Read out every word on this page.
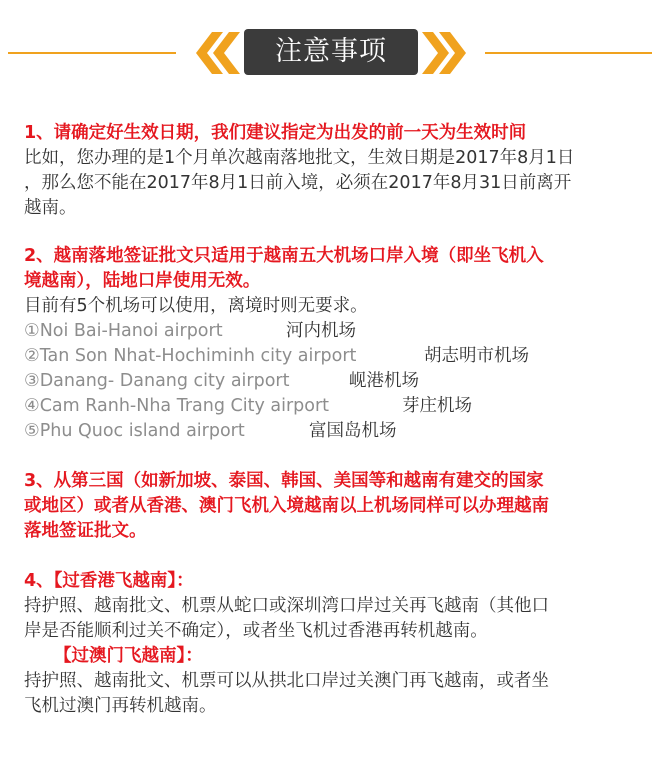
注意事项
1、请确定好生效日期，我们建议指定为出发的前一天为生效时间
比如，您办理的是1个月单次越南落地批文，生效日期是2017年8月1日
，那么您不能在2017年8月1日前入境，必须在2017年8月31日前离开
越南。
2、越南落地签证批文只适用于越南五大机场口岸入境（即坐飞机入
境越南），陆地口岸使用无效。
目前有5个机场可以使用，离境时则无要求。
①Noi Bai-Hanoi airport	河内机场
②Tan Son Nhat-Hochiminh city airport	胡志明市机场
③Danang- Danang city airport	岘港机场
④Cam Ranh-Nha Trang City airport	芽庄机场
⑤Phu Quoc island airport	富国岛机场
3、从第三国（如新加坡、泰国、韩国、美国等和越南有建交的国家
或地区）或者从香港、澳门飞机入境越南以上机场同样可以办理越南
落地签证批文。
4、【过香港飞越南】：
持护照、越南批文、机票从蛇口或深圳湾口岸过关再飞越南（其他口
岸是否能顺利过关不确定），或者坐飞机过香港再转机越南。
【过澳门飞越南】：
持护照、越南批文、机票可以从拱北口岸过关澳门再飞越南，或者坐
飞机过澳门再转机越南。
